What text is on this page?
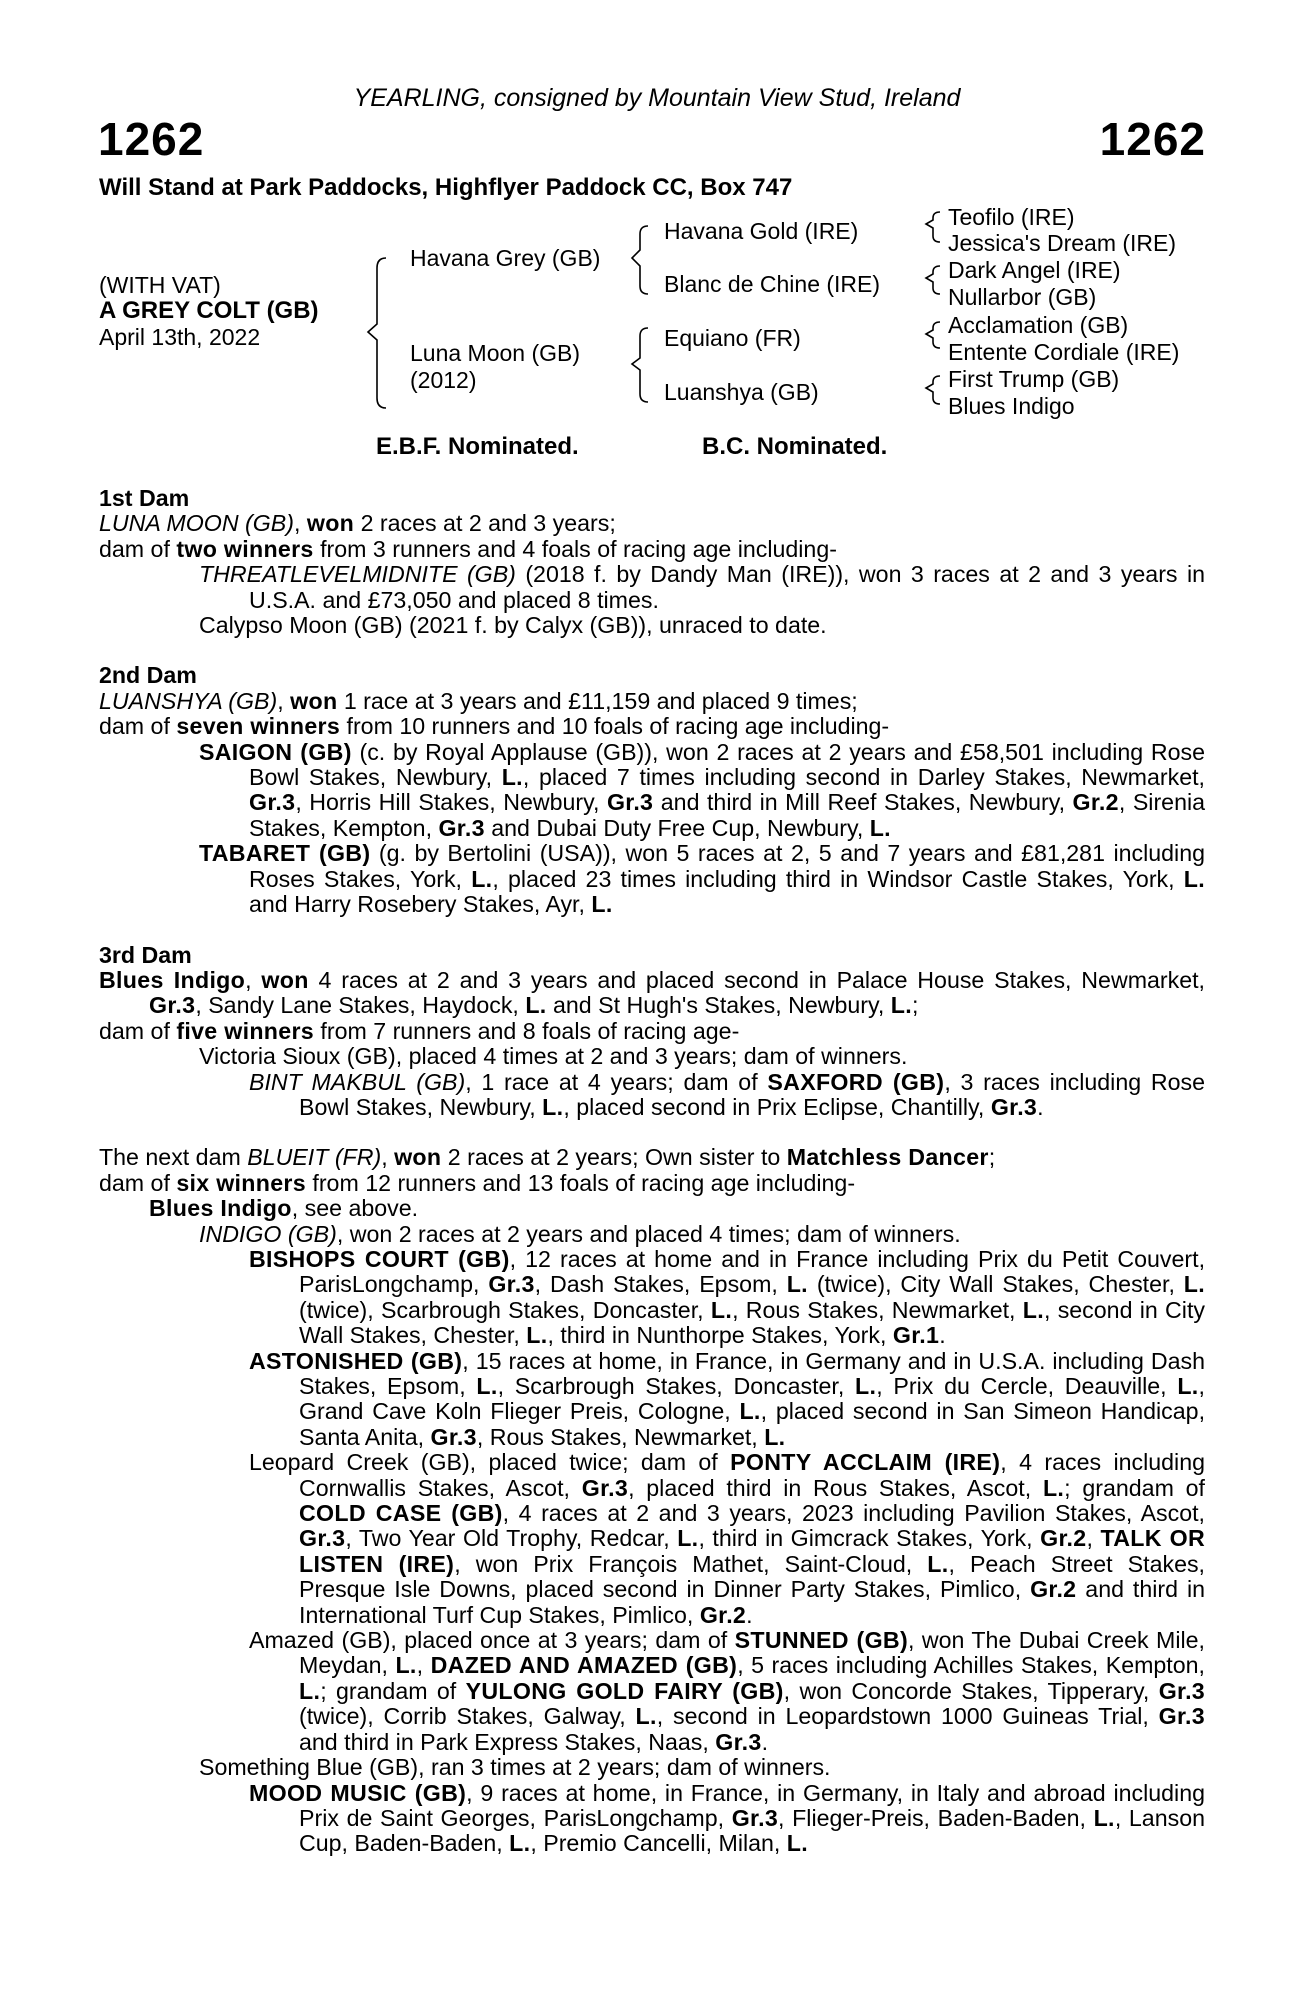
YEARLING, consigned by Mountain View Stud, Ireland
1262	1262
Will Stand at Park Paddocks, Highflyer Paddock CC, Box 747
(WITH VAT)
A GREY COLT (GB)
April 13th, 2022
Havana Grey (GB)
Luna Moon (GB)
(2012)
Havana Gold (IRE)
Blanc de Chine (IRE)
Equiano (FR)
Luanshya (GB)
Teofilo (IRE)
Jessica's Dream (IRE)
Dark Angel (IRE)
Nullarbor (GB)
Acclamation (GB)
Entente Cordiale (IRE)
First Trump (GB)
Blues Indigo
E.B.F. Nominated.	B.C. Nominated.
1st Dam
LUNA MOON (GB), won 2 races at 2 and 3 years;
dam of two winners from 3 runners and 4 foals of racing age including-
THREATLEVELMIDNITE (GB) (2018 f. by Dandy Man (IRE)), won 3 races at 2 and 3 years in U.S.A. and £73,050 and placed 8 times.
Calypso Moon (GB) (2021 f. by Calyx (GB)), unraced to date.
2nd Dam
LUANSHYA (GB), won 1 race at 3 years and £11,159 and placed 9 times;
dam of seven winners from 10 runners and 10 foals of racing age including-
SAIGON (GB) (c. by Royal Applause (GB)), won 2 races at 2 years and £58,501 including Rose Bowl Stakes, Newbury, L., placed 7 times including second in Darley Stakes, Newmarket, Gr.3, Horris Hill Stakes, Newbury, Gr.3 and third in Mill Reef Stakes, Newbury, Gr.2, Sirenia Stakes, Kempton, Gr.3 and Dubai Duty Free Cup, Newbury, L.
TABARET (GB) (g. by Bertolini (USA)), won 5 races at 2, 5 and 7 years and £81,281 including Roses Stakes, York, L., placed 23 times including third in Windsor Castle Stakes, York, L. and Harry Rosebery Stakes, Ayr, L.
3rd Dam
Blues Indigo, won 4 races at 2 and 3 years and placed second in Palace House Stakes, Newmarket, Gr.3, Sandy Lane Stakes, Haydock, L. and St Hugh's Stakes, Newbury, L.;
dam of five winners from 7 runners and 8 foals of racing age-
Victoria Sioux (GB), placed 4 times at 2 and 3 years; dam of winners.
BINT MAKBUL (GB), 1 race at 4 years; dam of SAXFORD (GB), 3 races including Rose Bowl Stakes, Newbury, L., placed second in Prix Eclipse, Chantilly, Gr.3.
The next dam BLUEIT (FR), won 2 races at 2 years; Own sister to Matchless Dancer;
dam of six winners from 12 runners and 13 foals of racing age including-
Blues Indigo, see above.
INDIGO (GB), won 2 races at 2 years and placed 4 times; dam of winners.
BISHOPS COURT (GB), 12 races at home and in France including Prix du Petit Couvert, ParisLongchamp, Gr.3, Dash Stakes, Epsom, L. (twice), City Wall Stakes, Chester, L. (twice), Scarbrough Stakes, Doncaster, L., Rous Stakes, Newmarket, L., second in City Wall Stakes, Chester, L., third in Nunthorpe Stakes, York, Gr.1.
ASTONISHED (GB), 15 races at home, in France, in Germany and in U.S.A. including Dash Stakes, Epsom, L., Scarbrough Stakes, Doncaster, L., Prix du Cercle, Deauville, L., Grand Cave Koln Flieger Preis, Cologne, L., placed second in San Simeon Handicap, Santa Anita, Gr.3, Rous Stakes, Newmarket, L.
Leopard Creek (GB), placed twice; dam of PONTY ACCLAIM (IRE), 4 races including Cornwallis Stakes, Ascot, Gr.3, placed third in Rous Stakes, Ascot, L.; grandam of COLD CASE (GB), 4 races at 2 and 3 years, 2023 including Pavilion Stakes, Ascot, Gr.3, Two Year Old Trophy, Redcar, L., third in Gimcrack Stakes, York, Gr.2, TALK OR LISTEN (IRE), won Prix François Mathet, Saint-Cloud, L., Peach Street Stakes, Presque Isle Downs, placed second in Dinner Party Stakes, Pimlico, Gr.2 and third in International Turf Cup Stakes, Pimlico, Gr.2.
Amazed (GB), placed once at 3 years; dam of STUNNED (GB), won The Dubai Creek Mile, Meydan, L., DAZED AND AMAZED (GB), 5 races including Achilles Stakes, Kempton, L.; grandam of YULONG GOLD FAIRY (GB), won Concorde Stakes, Tipperary, Gr.3 (twice), Corrib Stakes, Galway, L., second in Leopardstown 1000 Guineas Trial, Gr.3 and third in Park Express Stakes, Naas, Gr.3.
Something Blue (GB), ran 3 times at 2 years; dam of winners.
MOOD MUSIC (GB), 9 races at home, in France, in Germany, in Italy and abroad including Prix de Saint Georges, ParisLongchamp, Gr.3, Flieger-Preis, Baden-Baden, L., Lanson Cup, Baden-Baden, L., Premio Cancelli, Milan, L.
